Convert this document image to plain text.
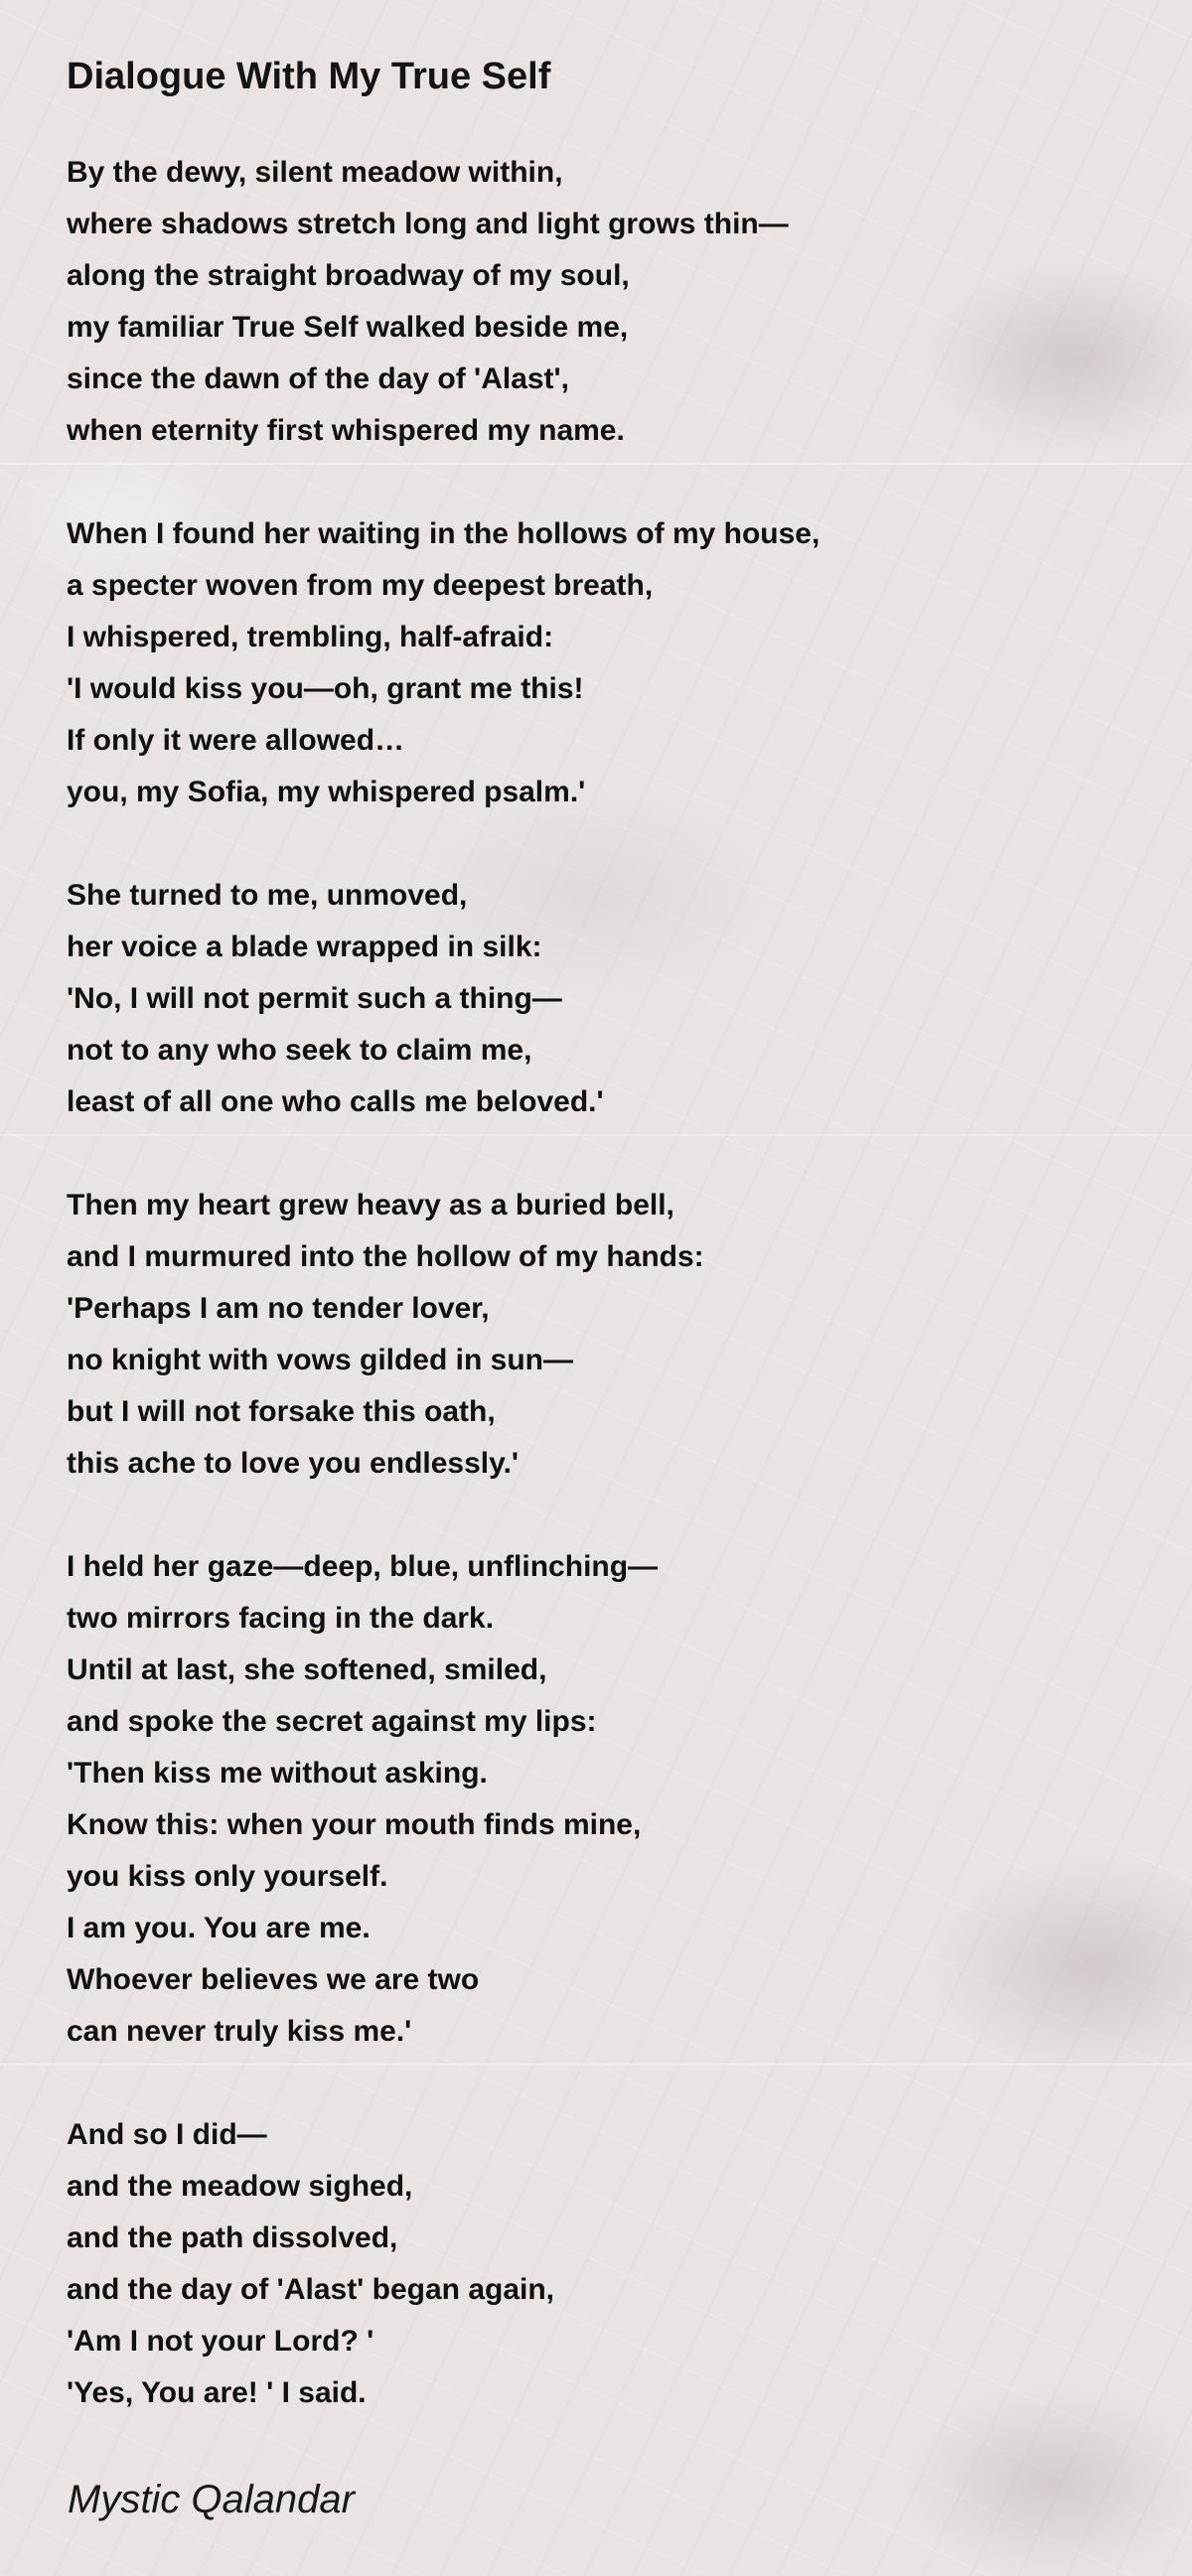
Dialogue With My True Self
By the dewy, silent meadow within,
where shadows stretch long and light grows thin—
along the straight broadway of my soul,
my familiar True Self walked beside me,
since the dawn of the day of 'Alast',
when eternity first whispered my name.
When I found her waiting in the hollows of my house,
a specter woven from my deepest breath,
I whispered, trembling, half-afraid:
'I would kiss you—oh, grant me this!
If only it were allowed…
you, my Sofia, my whispered psalm.'
She turned to me, unmoved,
her voice a blade wrapped in silk:
'No, I will not permit such a thing—
not to any who seek to claim me,
least of all one who calls me beloved.'
Then my heart grew heavy as a buried bell,
and I murmured into the hollow of my hands:
'Perhaps I am no tender lover,
no knight with vows gilded in sun—
but I will not forsake this oath,
this ache to love you endlessly.'
I held her gaze—deep, blue, unflinching—
two mirrors facing in the dark.
Until at last, she softened, smiled,
and spoke the secret against my lips:
'Then kiss me without asking.
Know this: when your mouth finds mine,
you kiss only yourself.
I am you. You are me.
Whoever believes we are two
can never truly kiss me.'
And so I did—
and the meadow sighed,
and the path dissolved,
and the day of 'Alast' began again,
'Am I not your Lord? '
'Yes, You are! ' I said.
Mystic Qalandar
